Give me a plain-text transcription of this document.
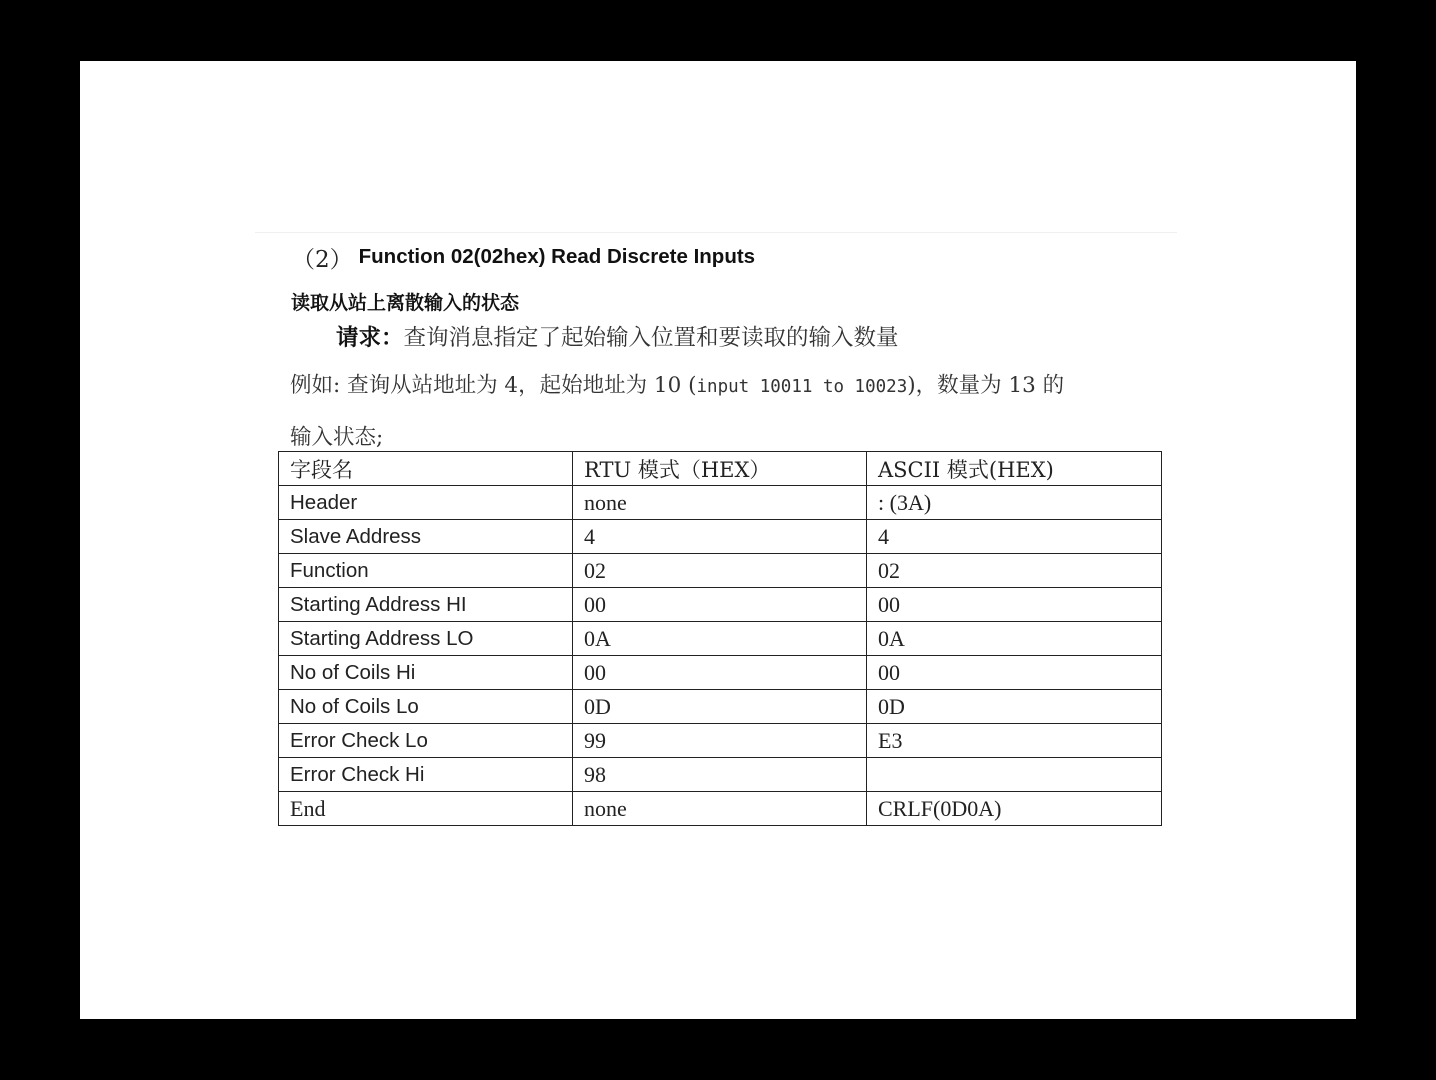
（2） Function 02(02hex) Read Discrete Inputs
读取从站上离散输入的状态
请求：查询消息指定了起始输入位置和要读取的输入数量
例如: 查询从站地址为 4，起始地址为 10 (input 10011 to 10023)，数量为 13 的
输入状态;
字段名	RTU 模式（HEX）	ASCII 模式(HEX)
Header	none	: (3A)
Slave Address	4	4
Function	02	02
Starting Address HI	00	00
Starting Address LO	0A	0A
No of Coils Hi	00	00
No of Coils Lo	0D	0D
Error Check Lo	99	E3
Error Check Hi	98	
End	none	CRLF(0D0A)
